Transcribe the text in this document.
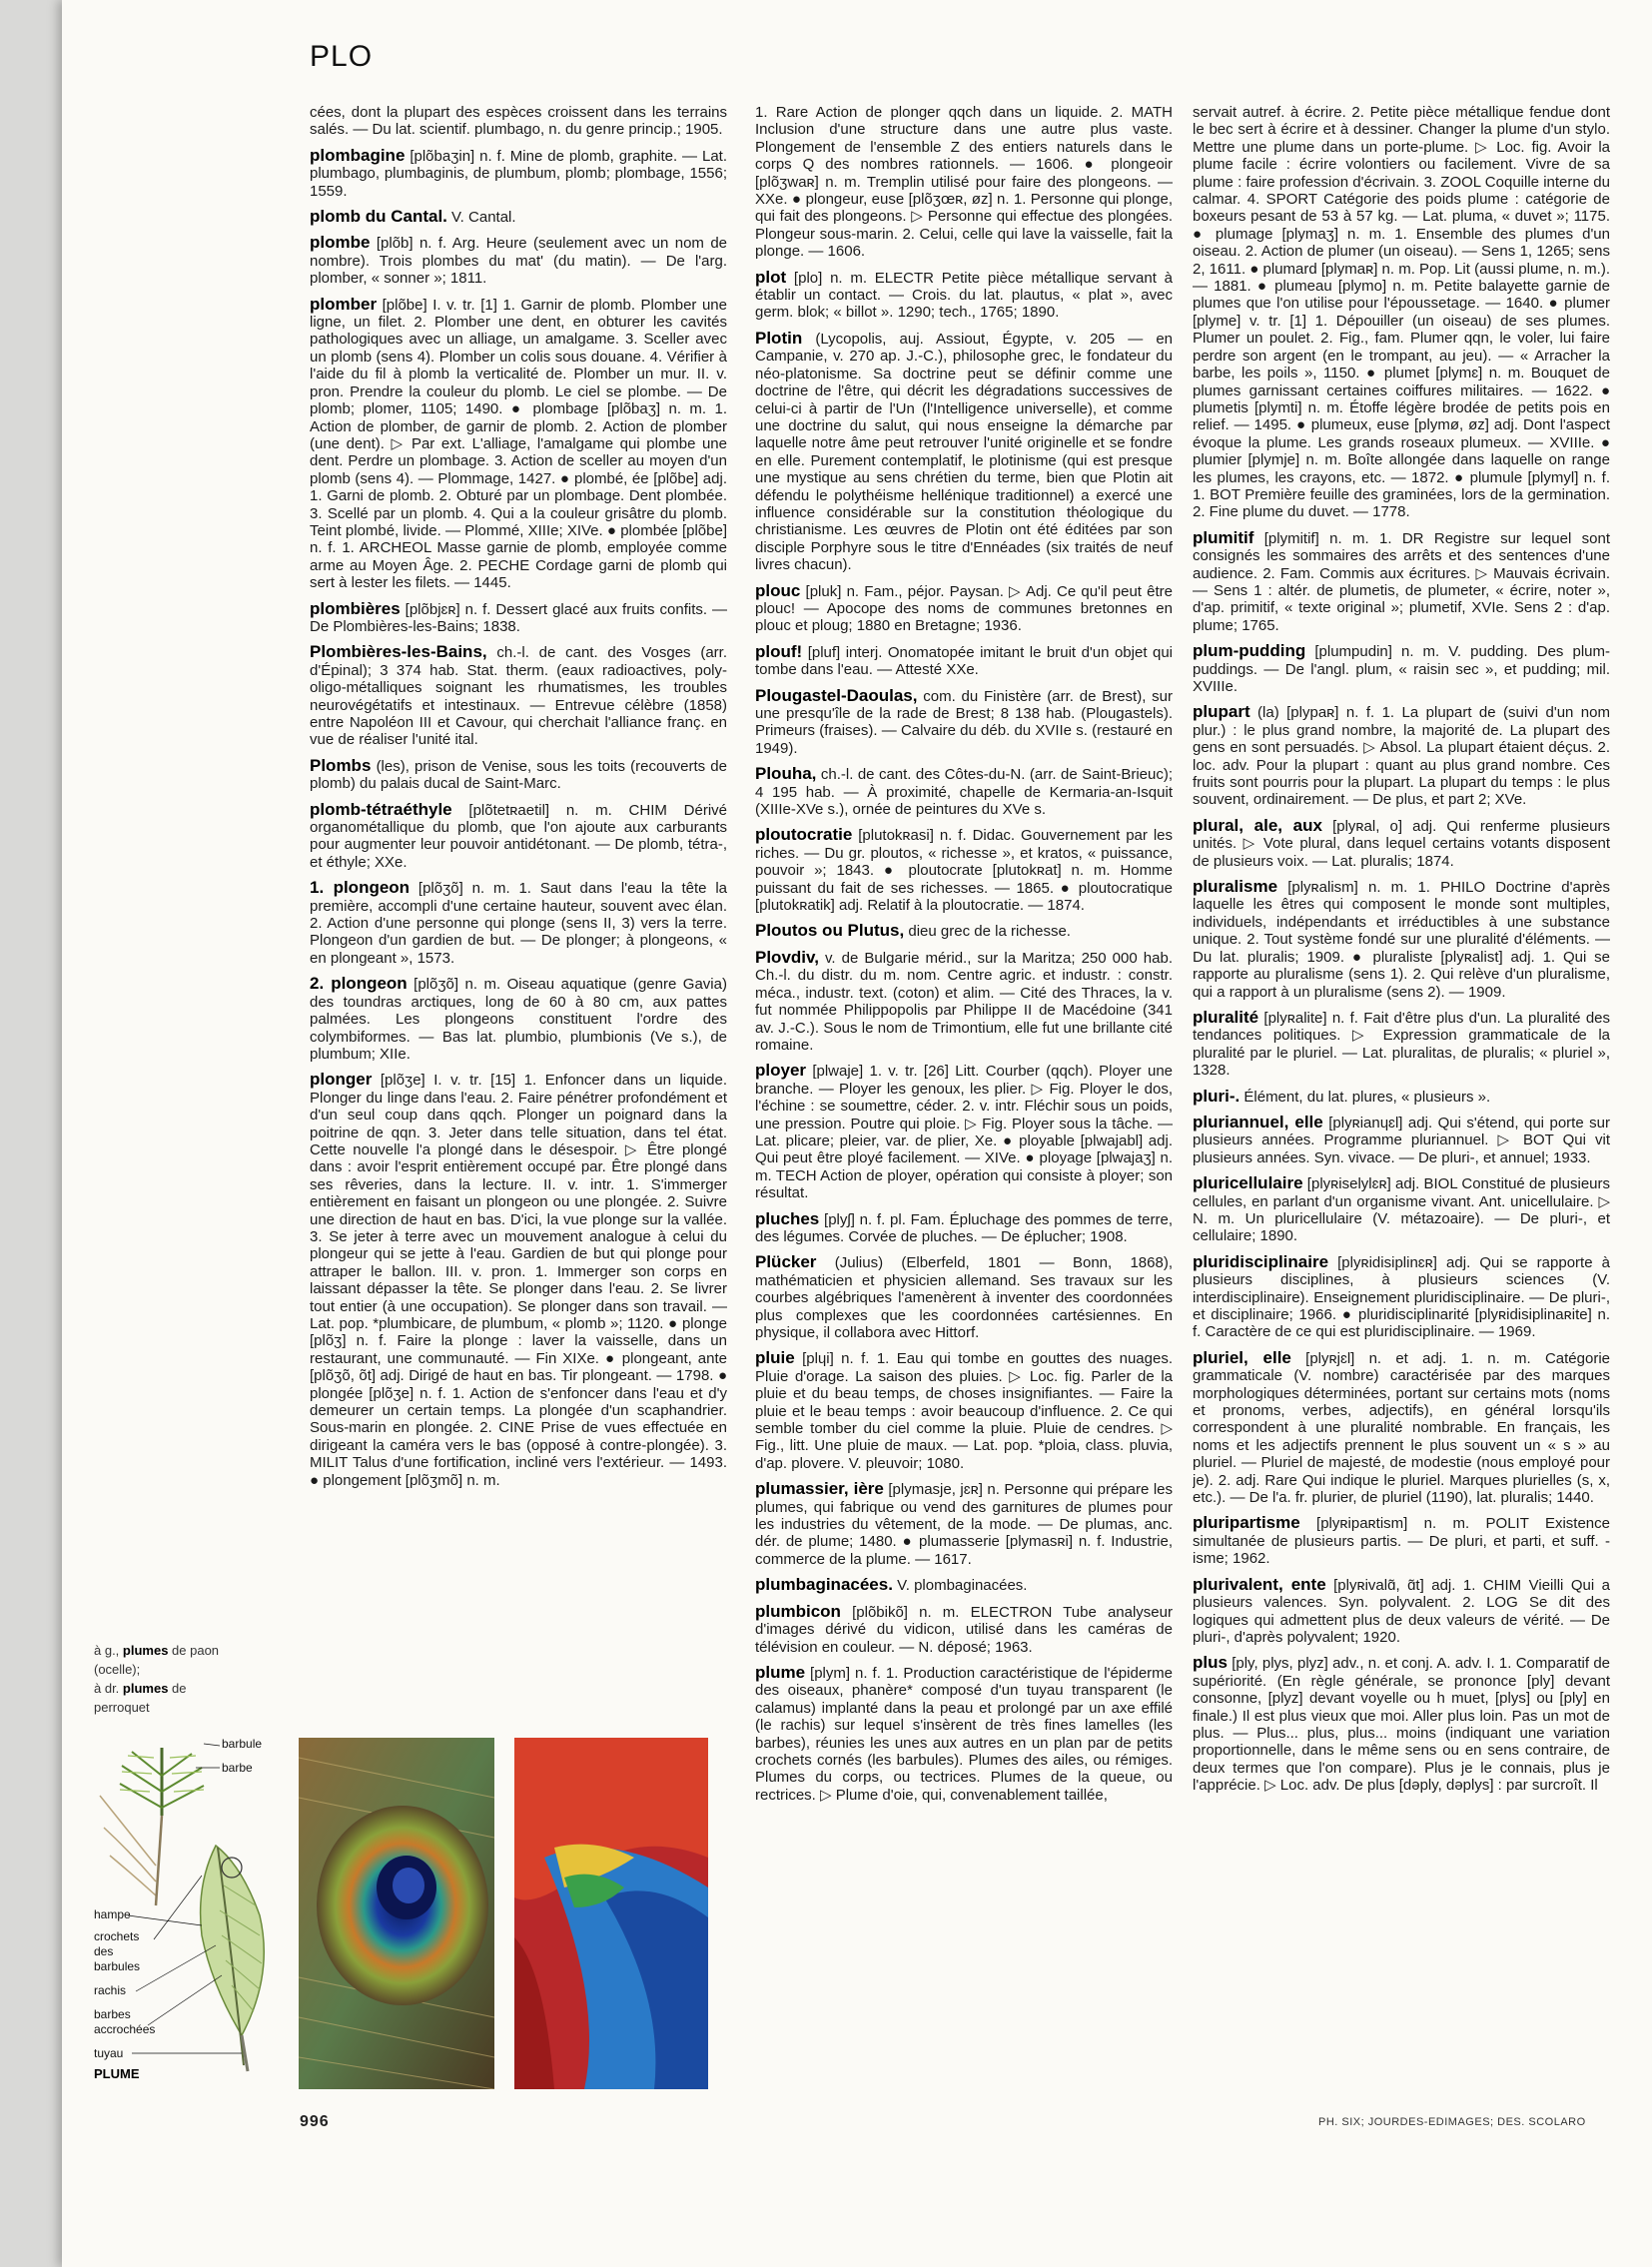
PLO
cées, dont la plupart des espèces croissent dans les terrains salés. — Du lat. scientif. plumbago, n. du genre princip.; 1905.
plombagine [plõbaʒin] n. f. Mine de plomb, graphite. — Lat. plumbago, plumbaginis, de plumbum, plomb; plombage, 1556; 1559.
plomb du Cantal. V. Cantal.
plombe [plõb] n. f. Arg. Heure (seulement avec un nom de nombre). Trois plombes du mat' (du matin). — De l'arg. plomber, « sonner »; 1811.
plomber [plõbe] I. v. tr. [1] 1. Garnir de plomb. Plomber une ligne, un filet. 2. Plomber une dent, en obturer les cavités pathologiques avec un alliage, un amalgame. 3. Sceller avec un plomb (sens 4). Plomber un colis sous douane. 4. Vérifier à l'aide du fil à plomb la verticalité de. Plomber un mur. II. v. pron. Prendre la couleur du plomb. Le ciel se plombe. — De plomb; plomer, 1105; 1490. ● plombage [plõbaʒ] n. m. 1. Action de plomber, de garnir de plomb. 2. Action de plomber (une dent). ▷ Par ext. L'alliage, l'amalgame qui plombe une dent. Perdre un plombage. 3. Action de sceller au moyen d'un plomb (sens 4). — Plommage, 1427. ● plombé, ée [plõbe] adj. 1. Garni de plomb. 2. Obturé par un plombage. Dent plombée. 3. Scellé par un plomb. 4. Qui a la couleur grisâtre du plomb. Teint plombé, livide. — Plommé, XIIIe; XIVe. ● plombée [plõbe] n. f. 1. ARCHEOL Masse garnie de plomb, employée comme arme au Moyen Âge. 2. PECHE Cordage garni de plomb qui sert à lester les filets. — 1445.
plombières [plõbjɛʀ] n. f. Dessert glacé aux fruits confits. — De Plombières-les-Bains; 1838.
Plombières-les-Bains, ch.-l. de cant. des Vosges (arr. d'Épinal); 3 374 hab. Stat. therm. (eaux radioactives, poly-oligo-métalliques soignant les rhumatismes, les troubles neurovégétatifs et intestinaux. — Entrevue célèbre (1858) entre Napoléon III et Cavour, qui cherchait l'alliance franç. en vue de réaliser l'unité ital.
Plombs (les), prison de Venise, sous les toits (recouverts de plomb) du palais ducal de Saint-Marc.
plomb-tétraéthyle [plõtetʀaetil] n. m. CHIM Dérivé organométallique du plomb, que l'on ajoute aux carburants pour augmenter leur pouvoir antidétonant. — De plomb, tétra-, et éthyle; XXe.
1. plongeon [plõʒõ] n. m. 1. Saut dans l'eau la tête la première, accompli d'une certaine hauteur, souvent avec élan. 2. Action d'une personne qui plonge (sens II, 3) vers la terre. Plongeon d'un gardien de but. — De plonger; à plongeons, « en plongeant », 1573.
2. plongeon [plõʒõ] n. m. Oiseau aquatique (genre Gavia) des toundras arctiques, long de 60 à 80 cm, aux pattes palmées. Les plongeons constituent l'ordre des colymbiformes. — Bas lat. plumbio, plumbionis (Ve s.), de plumbum; XIIe.
plonger [plõʒe] I. v. tr. [15] 1. Enfoncer dans un liquide. Plonger du linge dans l'eau. 2. Faire pénétrer profondément et d'un seul coup dans qqch. Plonger un poignard dans la poitrine de qqn. 3. Jeter dans telle situation, dans tel état. Cette nouvelle l'a plongé dans le désespoir. ▷ Être plongé dans : avoir l'esprit entièrement occupé par. Être plongé dans ses rêveries, dans la lecture. II. v. intr. 1. S'immerger entièrement en faisant un plongeon ou une plongée. 2. Suivre une direction de haut en bas. D'ici, la vue plonge sur la vallée. 3. Se jeter à terre avec un mouvement analogue à celui du plongeur qui se jette à l'eau. Gardien de but qui plonge pour attraper le ballon. III. v. pron. 1. Immerger son corps en laissant dépasser la tête. Se plonger dans l'eau. 2. Se livrer tout entier (à une occupation). Se plonger dans son travail. — Lat. pop. *plumbicare, de plumbum, « plomb »; 1120. ● plonge [plõʒ] n. f. Faire la plonge : laver la vaisselle, dans un restaurant, une communauté. — Fin XIXe. ● plongeant, ante [plõʒõ, õt] adj. Dirigé de haut en bas. Tir plongeant. — 1798. ● plongée [plõʒe] n. f. 1. Action de s'enfoncer dans l'eau et d'y demeurer un certain temps. La plongée d'un scaphandrier. Sous-marin en plongée. 2. CINE Prise de vues effectuée en dirigeant la caméra vers le bas (opposé à contre-plongée). 3. MILIT Talus d'une fortification, incliné vers l'extérieur. — 1493. ● plongement [plõʒmõ] n. m.
1. Rare Action de plonger qqch dans un liquide. 2. MATH Inclusion d'une structure dans une autre plus vaste. Plongement de l'ensemble Z des entiers naturels dans le corps Q des nombres rationnels. — 1606. ● plongeoir [plõʒwaʀ] n. m. Tremplin utilisé pour faire des plongeons. — XXe. ● plongeur, euse [plõʒœʀ, øz] n. 1. Personne qui plonge, qui fait des plongeons. ▷ Personne qui effectue des plongées. Plongeur sous-marin. 2. Celui, celle qui lave la vaisselle, fait la plonge. — 1606.
plot [plo] n. m. ELECTR Petite pièce métallique servant à établir un contact. — Crois. du lat. plautus, « plat », avec germ. blok; « billot ». 1290; tech., 1765; 1890.
Plotin (Lycopolis, auj. Assiout, Égypte, v. 205 — en Campanie, v. 270 ap. J.-C.), philosophe grec, le fondateur du néo-platonisme. Sa doctrine peut se définir comme une doctrine de l'être, qui décrit les dégradations successives de celui-ci à partir de l'Un (l'Intelligence universelle), et comme une doctrine du salut, qui nous enseigne la démarche par laquelle notre âme peut retrouver l'unité originelle et se fondre en elle. Purement contemplatif, le plotinisme (qui est presque une mystique au sens chrétien du terme, bien que Plotin ait défendu le polythéisme hellénique traditionnel) a exercé une influence considérable sur la constitution théologique du christianisme. Les œuvres de Plotin ont été éditées par son disciple Porphyre sous le titre d'Ennéades (six traités de neuf livres chacun).
plouc [pluk] n. Fam., péjor. Paysan. ▷ Adj. Ce qu'il peut être plouc! — Apocope des noms de communes bretonnes en plouc et ploug; 1880 en Bretagne; 1936.
plouf! [pluf] interj. Onomatopée imitant le bruit d'un objet qui tombe dans l'eau. — Attesté XXe.
Plougastel-Daoulas, com. du Finistère (arr. de Brest), sur une presqu'île de la rade de Brest; 8 138 hab. (Plougastels). Primeurs (fraises). — Calvaire du déb. du XVIIe s. (restauré en 1949).
Plouha, ch.-l. de cant. des Côtes-du-N. (arr. de Saint-Brieuc); 4 195 hab. — À proximité, chapelle de Kermaria-an-Isquit (XIIIe-XVe s.), ornée de peintures du XVe s.
ploutocratie [plutokʀasi] n. f. Didac. Gouvernement par les riches. — Du gr. ploutos, « richesse », et kratos, « puissance, pouvoir »; 1843. ● ploutocrate [plutokʀat] n. m. Homme puissant du fait de ses richesses. — 1865. ● ploutocratique [plutokʀatik] adj. Relatif à la ploutocratie. — 1874.
Ploutos ou Plutus, dieu grec de la richesse.
Plovdiv, v. de Bulgarie mérid., sur la Maritza; 250 000 hab. Ch.-l. du distr. du m. nom. Centre agric. et industr. : constr. méca., industr. text. (coton) et alim. — Cité des Thraces, la v. fut nommée Philippopolis par Philippe II de Macédoine (341 av. J.-C.). Sous le nom de Trimontium, elle fut une brillante cité romaine.
ployer [plwaje] 1. v. tr. [26] Litt. Courber (qqch). Ployer une branche. — Ployer les genoux, les plier. ▷ Fig. Ployer le dos, l'échine : se soumettre, céder. 2. v. intr. Fléchir sous un poids, une pression. Poutre qui ploie. ▷ Fig. Ployer sous la tâche. — Lat. plicare; pleier, var. de plier, Xe. ● ployable [plwajabl] adj. Qui peut être ployé facilement. — XIVe. ● ployage [plwajaʒ] n. m. TECH Action de ployer, opération qui consiste à ployer; son résultat.
pluches [plyʃ] n. f. pl. Fam. Épluchage des pommes de terre, des légumes. Corvée de pluches. — De éplucher; 1908.
Plücker (Julius) (Elberfeld, 1801 — Bonn, 1868), mathématicien et physicien allemand. Ses travaux sur les courbes algébriques l'amenèrent à inventer des coordonnées plus complexes que les coordonnées cartésiennes. En physique, il collabora avec Hittorf.
pluie [plɥi] n. f. 1. Eau qui tombe en gouttes des nuages. Pluie d'orage. La saison des pluies. ▷ Loc. fig. Parler de la pluie et du beau temps, de choses insignifiantes. — Faire la pluie et le beau temps : avoir beaucoup d'influence. 2. Ce qui semble tomber du ciel comme la pluie. Pluie de cendres. ▷ Fig., litt. Une pluie de maux. — Lat. pop. *ploia, class. pluvia, d'ap. plovere. V. pleuvoir; 1080.
plumassier, ière [plymasje, jɛʀ] n. Personne qui prépare les plumes, qui fabrique ou vend des garnitures de plumes pour les industries du vêtement, de la mode. — De plumas, anc. dér. de plume; 1480. ● plumasserie [plymasʀi] n. f. Industrie, commerce de la plume. — 1617.
plumbaginacées. V. plombaginacées.
plumbicon [plõbikõ] n. m. ELECTRON Tube analyseur d'images dérivé du vidicon, utilisé dans les caméras de télévision en couleur. — N. déposé; 1963.
plume [plym] n. f. 1. Production caractéristique de l'épiderme des oiseaux, phanère* composé d'un tuyau transparent (le calamus) implanté dans la peau et prolongé par un axe effilé (le rachis) sur lequel s'insèrent de très fines lamelles (les barbes), réunies les unes aux autres en un plan par de petits crochets cornés (les barbules). Plumes des ailes, ou rémiges. Plumes du corps, ou tectrices. Plumes de la queue, ou rectrices. ▷ Plume d'oie, qui, convenablement taillée,
servait autref. à écrire. 2. Petite pièce métallique fendue dont le bec sert à écrire et à dessiner. Changer la plume d'un stylo. Mettre une plume dans un porte-plume. ▷ Loc. fig. Avoir la plume facile : écrire volontiers ou facilement. Vivre de sa plume : faire profession d'écrivain. 3. ZOOL Coquille interne du calmar. 4. SPORT Catégorie des poids plume : catégorie de boxeurs pesant de 53 à 57 kg. — Lat. pluma, « duvet »; 1175. ● plumage [plymaʒ] n. m. 1. Ensemble des plumes d'un oiseau. 2. Action de plumer (un oiseau). — Sens 1, 1265; sens 2, 1611. ● plumard [plymaʀ] n. m. Pop. Lit (aussi plume, n. m.). — 1881. ● plumeau [plymo] n. m. Petite balayette garnie de plumes que l'on utilise pour l'époussetage. — 1640. ● plumer [plyme] v. tr. [1] 1. Dépouiller (un oiseau) de ses plumes. Plumer un poulet. 2. Fig., fam. Plumer qqn, le voler, lui faire perdre son argent (en le trompant, au jeu). — « Arracher la barbe, les poils », 1150. ● plumet [plymɛ] n. m. Bouquet de plumes garnissant certaines coiffures militaires. — 1622. ● plumetis [plymti] n. m. Étoffe légère brodée de petits pois en relief. — 1495. ● plumeux, euse [plymø, øz] adj. Dont l'aspect évoque la plume. Les grands roseaux plumeux. — XVIIIe. ● plumier [plymje] n. m. Boîte allongée dans laquelle on range les plumes, les crayons, etc. — 1872. ● plumule [plymyl] n. f. 1. BOT Première feuille des graminées, lors de la germination. 2. Fine plume du duvet. — 1778.
plumitif [plymitif] n. m. 1. DR Registre sur lequel sont consignés les sommaires des arrêts et des sentences d'une audience. 2. Fam. Commis aux écritures. ▷ Mauvais écrivain. — Sens 1 : altér. de plumetis, de plumeter, « écrire, noter », d'ap. primitif, « texte original »; plumetif, XVIe. Sens 2 : d'ap. plume; 1765.
plum-pudding [plumpudin] n. m. V. pudding. Des plum-puddings. — De l'angl. plum, « raisin sec », et pudding; mil. XVIIIe.
plupart (la) [plypaʀ] n. f. 1. La plupart de (suivi d'un nom plur.) : le plus grand nombre, la majorité de. La plupart des gens en sont persuadés. ▷ Absol. La plupart étaient déçus. 2. loc. adv. Pour la plupart : quant au plus grand nombre. Ces fruits sont pourris pour la plupart. La plupart du temps : le plus souvent, ordinairement. — De plus, et part 2; XVe.
plural, ale, aux [plyʀal, o] adj. Qui renferme plusieurs unités. ▷ Vote plural, dans lequel certains votants disposent de plusieurs voix. — Lat. pluralis; 1874.
pluralisme [plyʀalism] n. m. 1. PHILO Doctrine d'après laquelle les êtres qui composent le monde sont multiples, individuels, indépendants et irréductibles à une substance unique. 2. Tout système fondé sur une pluralité d'éléments. — Du lat. pluralis; 1909. ● pluraliste [plyʀalist] adj. 1. Qui se rapporte au pluralisme (sens 1). 2. Qui relève d'un pluralisme, qui a rapport à un pluralisme (sens 2). — 1909.
pluralité [plyʀalite] n. f. Fait d'être plus d'un. La pluralité des tendances politiques. ▷ Expression grammaticale de la pluralité par le pluriel. — Lat. pluralitas, de pluralis; « pluriel », 1328.
pluri-. Élément, du lat. plures, « plusieurs ».
pluriannuel, elle [plyʀianɥɛl] adj. Qui s'étend, qui porte sur plusieurs années. Programme pluriannuel. ▷ BOT Qui vit plusieurs années. Syn. vivace. — De pluri-, et annuel; 1933.
pluricellulaire [plyʀiselylɛʀ] adj. BIOL Constitué de plusieurs cellules, en parlant d'un organisme vivant. Ant. unicellulaire. ▷ N. m. Un pluricellulaire (V. métazoaire). — De pluri-, et cellulaire; 1890.
pluridisciplinaire [plyʀidisiplinɛʀ] adj. Qui se rapporte à plusieurs disciplines, à plusieurs sciences (V. interdisciplinaire). Enseignement pluridisciplinaire. — De pluri-, et disciplinaire; 1966. ● pluridisciplinarité [plyʀidisiplinaʀite] n. f. Caractère de ce qui est pluridisciplinaire. — 1969.
pluriel, elle [plyʀjɛl] n. et adj. 1. n. m. Catégorie grammaticale (V. nombre) caractérisée par des marques morphologiques déterminées, portant sur certains mots (noms et pronoms, verbes, adjectifs), en général lorsqu'ils correspondent à une pluralité nombrable. En français, les noms et les adjectifs prennent le plus souvent un « s » au pluriel. — Pluriel de majesté, de modestie (nous employé pour je). 2. adj. Rare Qui indique le pluriel. Marques plurielles (s, x, etc.). — De l'a. fr. plurier, de pluriel (1190), lat. pluralis; 1440.
pluripartisme [plyʀipaʀtism] n. m. POLIT Existence simultanée de plusieurs partis. — De pluri, et parti, et suff. -isme; 1962.
plurivalent, ente [plyʀivalɑ̃, ɑ̃t] adj. 1. CHIM Vieilli Qui a plusieurs valences. Syn. polyvalent. 2. LOG Se dit des logiques qui admettent plus de deux valeurs de vérité. — De pluri-, d'après polyvalent; 1920.
plus [ply, plys, plyz] adv., n. et conj. A. adv. I. 1. Comparatif de supériorité. (En règle générale, se prononce [ply] devant consonne, [plyz] devant voyelle ou h muet, [plys] ou [ply] en finale.) Il est plus vieux que moi. Aller plus loin. Pas un mot de plus. — Plus... plus, plus... moins (indiquant une variation proportionnelle, dans le même sens ou en sens contraire, de deux termes que l'on compare). Plus je le connais, plus je l'apprécie. ▷ Loc. adv. De plus [dəply, dəplys] : par surcroît. Il
à g., plumes de paon (ocelle);
à dr. plumes de perroquet
barbule
barbe
hampe
crochets
des
barbules
rachis
barbes
accrochées
tuyau
PLUME
996	PH. SIX; JOURDES-EDIMAGES; DES. SCOLARO
